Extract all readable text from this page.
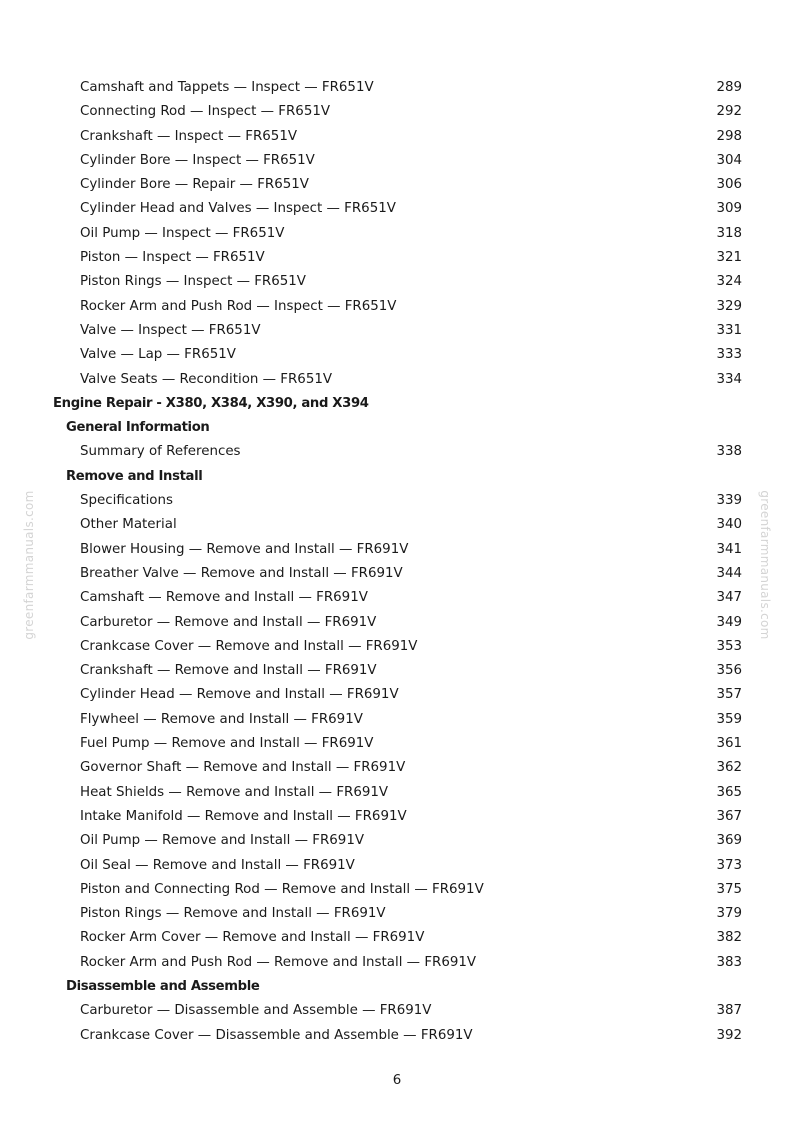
Camshaft and Tappets — Inspect — FR651V	289
Connecting Rod — Inspect — FR651V	292
Crankshaft — Inspect — FR651V	298
Cylinder Bore — Inspect — FR651V	304
Cylinder Bore — Repair — FR651V	306
Cylinder Head and Valves — Inspect — FR651V	309
Oil Pump — Inspect — FR651V	318
Piston — Inspect — FR651V	321
Piston Rings — Inspect — FR651V	324
Rocker Arm and Push Rod — Inspect — FR651V	329
Valve — Inspect — FR651V	331
Valve — Lap — FR651V	333
Valve Seats — Recondition — FR651V	334
Engine Repair - X380, X384, X390, and X394
General Information
Summary of References	338
Remove and Install
Specifications	339
Other Material	340
Blower Housing — Remove and Install — FR691V	341
Breather Valve — Remove and Install — FR691V	344
Camshaft — Remove and Install — FR691V	347
Carburetor — Remove and Install — FR691V	349
Crankcase Cover — Remove and Install — FR691V	353
Crankshaft — Remove and Install — FR691V	356
Cylinder Head — Remove and Install — FR691V	357
Flywheel — Remove and Install — FR691V	359
Fuel Pump — Remove and Install — FR691V	361
Governor Shaft — Remove and Install — FR691V	362
Heat Shields — Remove and Install — FR691V	365
Intake Manifold — Remove and Install — FR691V	367
Oil Pump — Remove and Install — FR691V	369
Oil Seal — Remove and Install — FR691V	373
Piston and Connecting Rod — Remove and Install — FR691V	375
Piston Rings — Remove and Install — FR691V	379
Rocker Arm Cover — Remove and Install — FR691V	382
Rocker Arm and Push Rod — Remove and Install — FR691V	383
Disassemble and Assemble
Carburetor — Disassemble and Assemble — FR691V	387
Crankcase Cover — Disassemble and Assemble — FR691V	392
greenfarmmanuals.com	greenfarmmanuals.com
6
